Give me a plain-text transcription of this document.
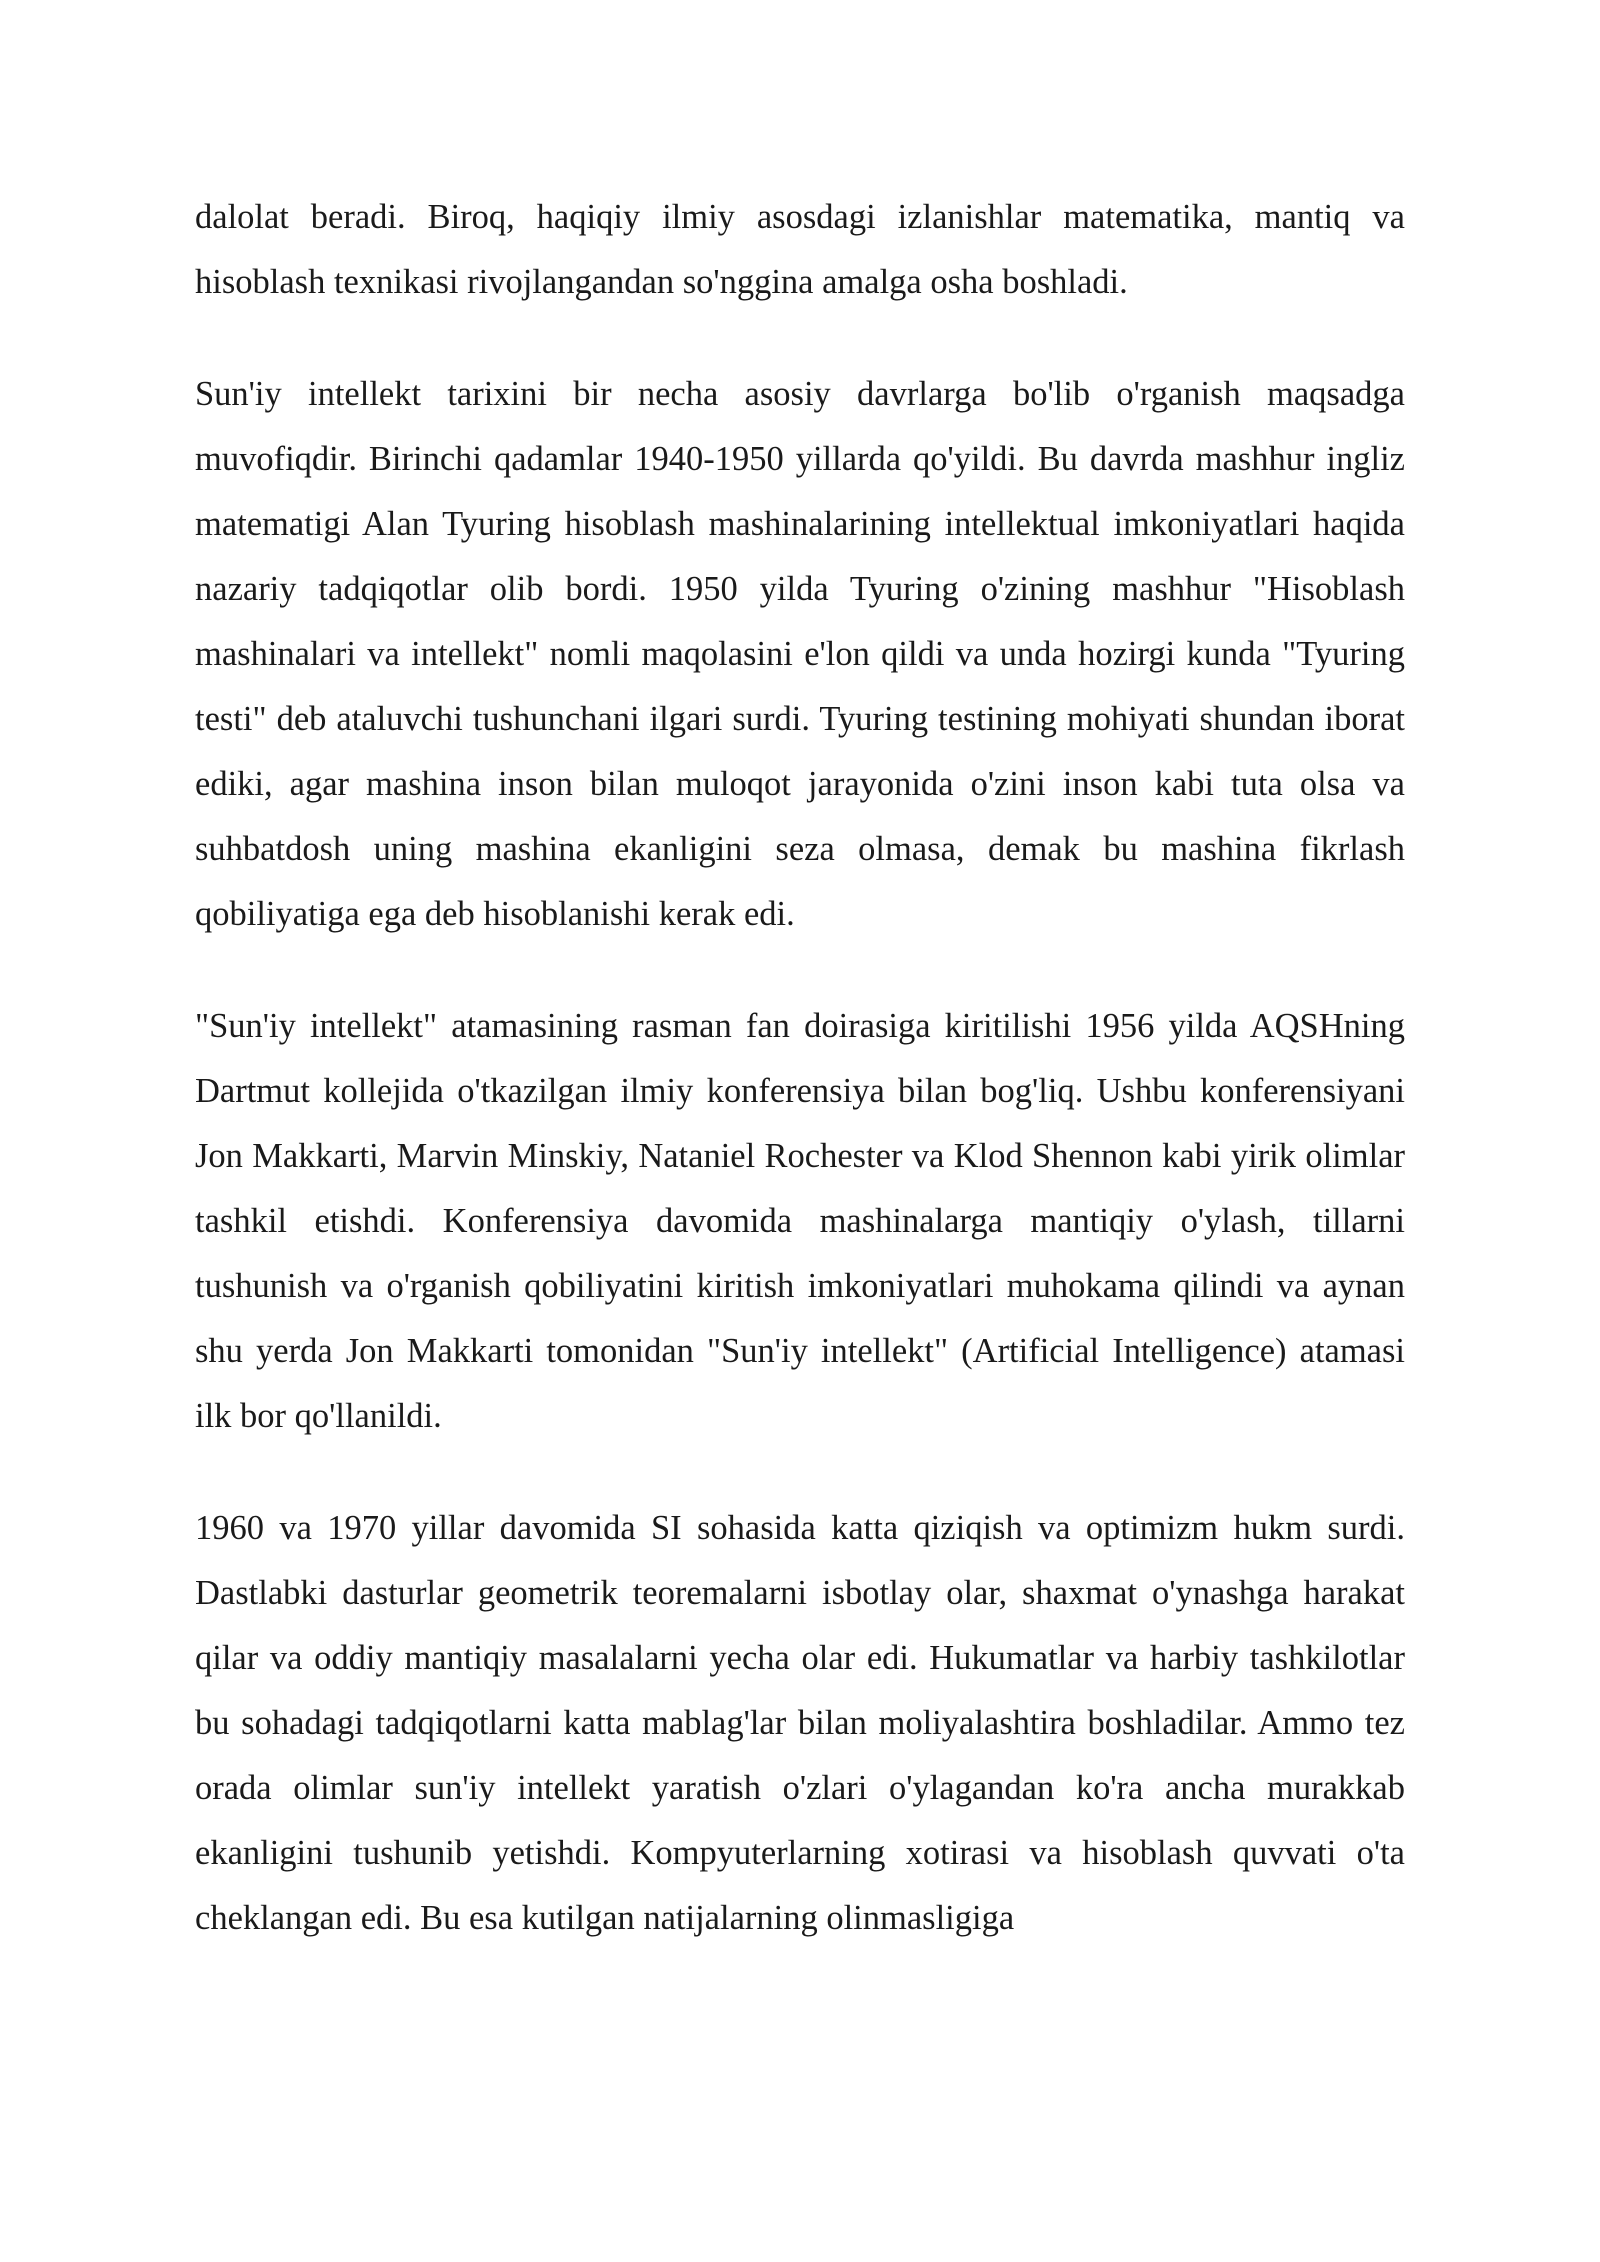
dalolat beradi. Biroq, haqiqiy ilmiy asosdagi izlanishlar matematika, mantiq va hisoblash texnikasi rivojlangandan so'nggina amalga osha boshladi.

Sun'iy intellekt tarixini bir necha asosiy davrlarga bo'lib o'rganish maqsadga muvofiqdir. Birinchi qadamlar 1940-1950 yillarda qo'yildi. Bu davrda mashhur ingliz matematigi Alan Tyuring hisoblash mashinalarining intellektual imkoniyatlari haqida nazariy tadqiqotlar olib bordi. 1950 yilda Tyuring o'zining mashhur "Hisoblash mashinalari va intellekt" nomli maqolasini e'lon qildi va unda hozirgi kunda "Tyuring testi" deb ataluvchi tushunchani ilgari surdi. Tyuring testining mohiyati shundan iborat ediki, agar mashina inson bilan muloqot jarayonida o'zini inson kabi tuta olsa va suhbatdosh uning mashina ekanligini seza olmasa, demak bu mashina fikrlash qobiliyatiga ega deb hisoblanishi kerak edi.

"Sun'iy intellekt" atamasining rasman fan doirasiga kiritilishi 1956 yilda AQSHning Dartmut kollejida o'tkazilgan ilmiy konferensiya bilan bog'liq. Ushbu konferensiyani Jon Makkarti, Marvin Minskiy, Nataniel Rochester va Klod Shennon kabi yirik olimlar tashkil etishdi. Konferensiya davomida mashinalarga mantiqiy o'ylash, tillarni tushunish va o'rganish qobiliyatini kiritish imkoniyatlari muhokama qilindi va aynan shu yerda Jon Makkarti tomonidan "Sun'iy intellekt" (Artificial Intelligence) atamasi ilk bor qo'llanildi.

1960 va 1970 yillar davomida SI sohasida katta qiziqish va optimizm hukm surdi. Dastlabki dasturlar geometrik teoremalarni isbotlay olar, shaxmat o'ynashga harakat qilar va oddiy mantiqiy masalalarni yecha olar edi. Hukumatlar va harbiy tashkilotlar bu sohadagi tadqiqotlarni katta mablag'lar bilan moliyalashtira boshladilar. Ammo tez orada olimlar sun'iy intellekt yaratish o'zlari o'ylagandan ko'ra ancha murakkab ekanligini tushunib yetishdi. Kompyuterlarning xotirasi va hisoblash quvvati o'ta cheklangan edi. Bu esa kutilgan natijalarning olinmasligiga
